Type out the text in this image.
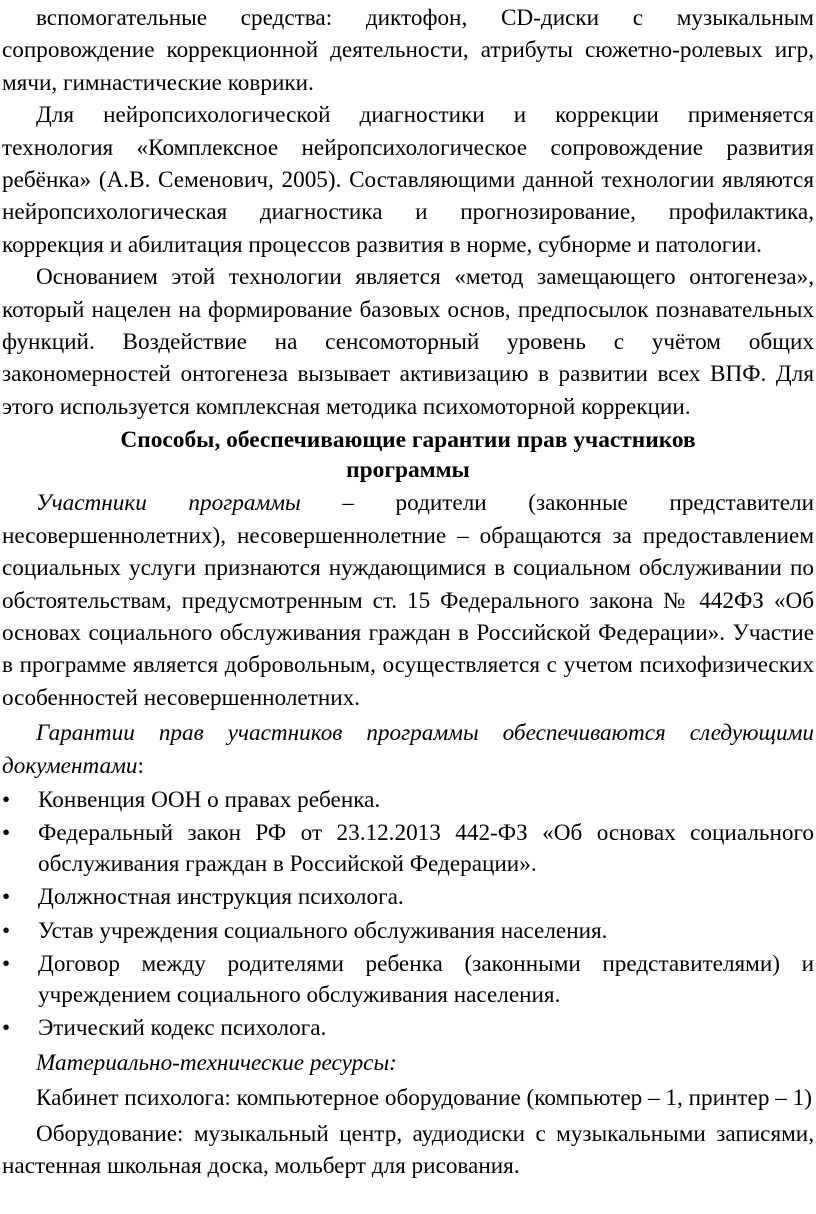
вспомогательные средства: диктофон, CD-диски с музыкальным сопровождение коррекционной деятельности, атрибуты сюжетно-ролевых игр, мячи, гимнастические коврики.

Для нейропсихологической диагностики и коррекции применяется технология «Комплексное нейропсихологическое сопровождение развития ребёнка» (А.В. Семенович, 2005). Составляющими данной технологии являются нейропсихологическая диагностика и прогнозирование, профилактика, коррекция и абилитация процессов развития в норме, субнорме и патологии.

Основанием этой технологии является «метод замещающего онтогенеза», который нацелен на формирование базовых основ, предпосылок познавательных функций. Воздействие на сенсомоторный уровень с учётом общих закономерностей онтогенеза вызывает активизацию в развитии всех ВПФ. Для этого используется комплексная методика психомоторной коррекции.

Способы, обеспечивающие гарантии прав участников
программы

Участники программы – родители (законные представители несовершеннолетних), несовершеннолетние – обращаются за предоставлением социальных услуги признаются нуждающимися в социальном обслуживании по обстоятельствам, предусмотренным ст. 15 Федерального закона № 442ФЗ «Об основах социального обслуживания граждан в Российской Федерации». Участие в программе является добровольным, осуществляется с учетом психофизических особенностей несовершеннолетних.

Гарантии прав участников программы обеспечиваются следующими документами:

•	Конвенция ООН о правах ребенка.
•	Федеральный закон РФ от 23.12.2013 442-ФЗ «Об основах социального обслуживания граждан в Российской Федерации».
•	Должностная инструкция психолога.
•	Устав учреждения социального обслуживания населения.
•	Договор между родителями ребенка (законными представителями) и учреждением социального обслуживания населения.
•	Этический кодекс психолога.

Материально-технические ресурсы:

Кабинет психолога: компьютерное оборудование (компьютер – 1, принтер – 1)

Оборудование: музыкальный центр, аудиодиски с музыкальными записями, настенная школьная доска, мольберт для рисования.
